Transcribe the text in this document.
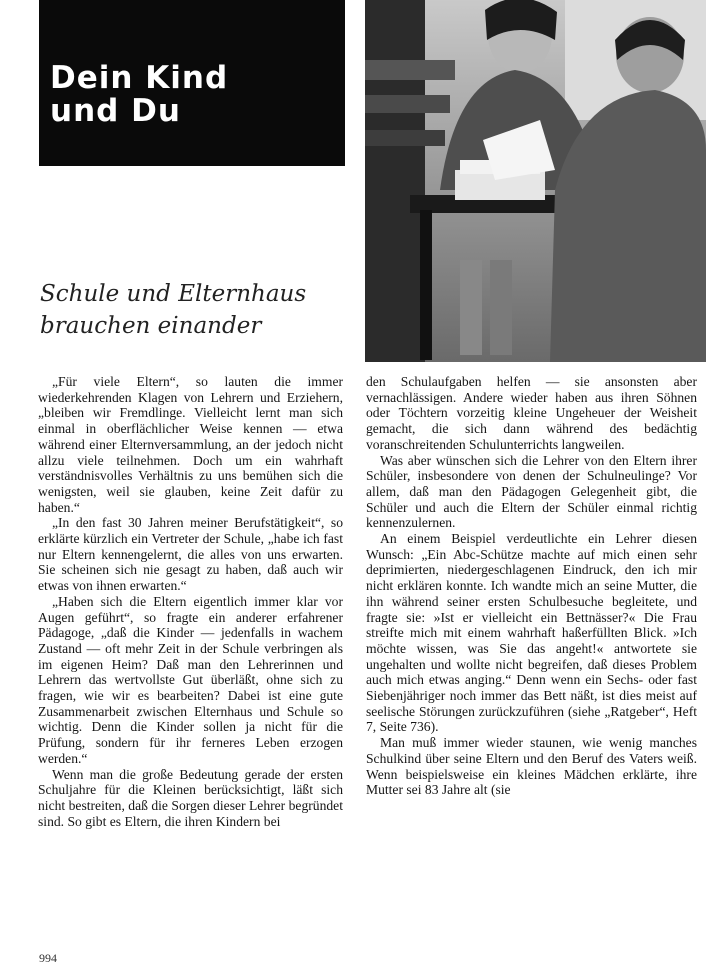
Dein Kind
und Du
Schule und Elternhaus
brauchen einander

„Für viele Eltern“, so lauten die immer wiederkehrenden Klagen von Lehrern und Erziehern, „bleiben wir Fremdlinge. Vielleicht lernt man sich einmal in oberflächlicher Weise kennen — etwa während einer Elternversammlung, an der jedoch nicht allzu viele teilnehmen. Doch um ein wahrhaft verständnisvolles Verhältnis zu uns bemühen sich die wenigsten, weil sie glauben, keine Zeit dafür zu haben.“

„In den fast 30 Jahren meiner Berufstätigkeit“, so erklärte kürzlich ein Vertreter der Schule, „habe ich fast nur Eltern kennengelernt, die alles von uns erwarten. Sie scheinen sich nie gesagt zu haben, daß auch wir etwas von ihnen erwarten.“

„Haben sich die Eltern eigentlich immer klar vor Augen geführt“, so fragte ein anderer erfahrener Pädagoge, „daß die Kinder — jedenfalls in wachem Zustand — oft mehr Zeit in der Schule verbringen als im eigenen Heim? Daß man den Lehrerinnen und Lehrern das wertvollste Gut überläßt, ohne sich zu fragen, wie wir es bearbeiten? Dabei ist eine gute Zusammenarbeit zwischen Elternhaus und Schule so wichtig. Denn die Kinder sollen ja nicht für die Prüfung, sondern für ihr ferneres Leben erzogen werden.“

Wenn man die große Bedeutung gerade der ersten Schuljahre für die Kleinen berücksichtigt, läßt sich nicht bestreiten, daß die Sorgen dieser Lehrer begründet sind. So gibt es Eltern, die ihren Kindern bei

den Schulaufgaben helfen — sie ansonsten aber vernachlässigen. Andere wieder haben aus ihren Söhnen oder Töchtern vorzeitig kleine Ungeheuer der Weisheit gemacht, die sich dann während des bedächtig voranschreitenden Schulunterrichts langweilen.

Was aber wünschen sich die Lehrer von den Eltern ihrer Schüler, insbesondere von denen der Schulneulinge? Vor allem, daß man den Pädagogen Gelegenheit gibt, die Schüler und auch die Eltern der Schüler einmal richtig kennenzulernen.

An einem Beispiel verdeutlichte ein Lehrer diesen Wunsch: „Ein Abc-Schütze machte auf mich einen sehr deprimierten, niedergeschlagenen Eindruck, den ich mir nicht erklären konnte. Ich wandte mich an seine Mutter, die ihn während seiner ersten Schulbesuche begleitete, und fragte sie: »Ist er vielleicht ein Bettnässer?« Die Frau streifte mich mit einem wahrhaft haßerfüllten Blick. »Ich möchte wissen, was Sie das angeht!« antwortete sie ungehalten und wollte nicht begreifen, daß dieses Problem auch mich etwas anging.“ Denn wenn ein Sechs- oder fast Siebenjähriger noch immer das Bett näßt, ist dies meist auf seelische Störungen zurückzuführen (siehe „Ratgeber“, Heft 7, Seite 736).

Man muß immer wieder staunen, wie wenig manches Schulkind über seine Eltern und den Beruf des Vaters weiß. Wenn beispielsweise ein kleines Mädchen erklärte, ihre Mutter sei 83 Jahre alt (sie

994
